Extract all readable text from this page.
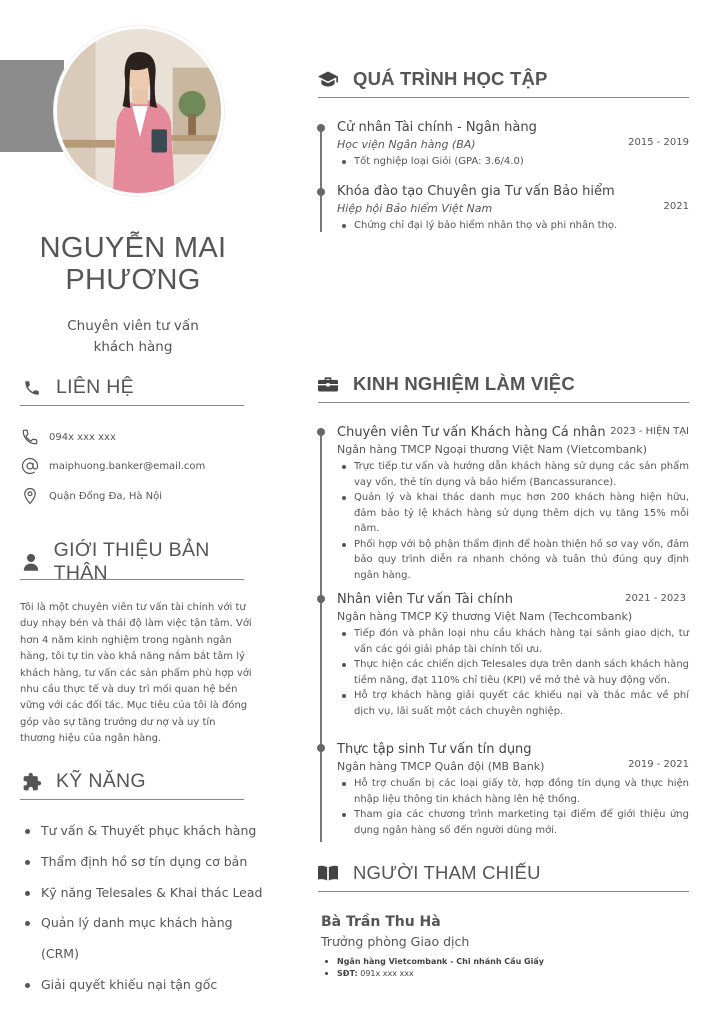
NGUYỄN MAI
PHƯƠNG
Chuyên viên tư vấn
khách hàng
LIÊN HỆ
094x xxx xxx
maiphuong.banker@email.com
Quận Đống Đa, Hà Nội
GIỚI THIỆU BẢN THÂN
Tôi là một chuyên viên tư vấn tài chính với tư duy nhạy bén và thái độ làm việc tận tâm. Với hơn 4 năm kinh nghiệm trong ngành ngân hàng, tôi tự tin vào khả năng nắm bắt tâm lý khách hàng, tư vấn các sản phẩm phù hợp với nhu cầu thực tế và duy trì mối quan hệ bền vững với các đối tác. Mục tiêu của tôi là đóng góp vào sự tăng trưởng dư nợ và uy tín thương hiệu của ngân hàng.
KỸ NĂNG
Tư vấn & Thuyết phục khách hàng
Thẩm định hồ sơ tín dụng cơ bản
Kỹ năng Telesales & Khai thác Lead
Quản lý danh mục khách hàng (CRM)
Giải quyết khiếu nại tận gốc
QUÁ TRÌNH HỌC TẬP
Cử nhân Tài chính - Ngân hàng
Học viện Ngân hàng (BA)	2015 - 2019
Tốt nghiệp loại Giỏi (GPA: 3.6/4.0)
Khóa đào tạo Chuyên gia Tư vấn Bảo hiểm
Hiệp hội Bảo hiểm Việt Nam	2021
Chứng chỉ đại lý bảo hiểm nhân thọ và phi nhân thọ.
KINH NGHIỆM LÀM VIỆC
Chuyên viên Tư vấn Khách hàng Cá nhân 2023 - HIỆN TẠI
Ngân hàng TMCP Ngoại thương Việt Nam (Vietcombank)
Trực tiếp tư vấn và hướng dẫn khách hàng sử dụng các sản phẩm vay vốn, thẻ tín dụng và bảo hiểm (Bancassurance).
Quản lý và khai thác danh mục hơn 200 khách hàng hiện hữu, đảm bảo tỷ lệ khách hàng sử dụng thêm dịch vụ tăng 15% mỗi năm.
Phối hợp với bộ phận thẩm định để hoàn thiện hồ sơ vay vốn, đảm bảo quy trình diễn ra nhanh chóng và tuân thủ đúng quy định ngân hàng.
Nhân viên Tư vấn Tài chính	2021 - 2023
Ngân hàng TMCP Kỹ thương Việt Nam (Techcombank)
Tiếp đón và phân loại nhu cầu khách hàng tại sảnh giao dịch, tư vấn các gói giải pháp tài chính tối ưu.
Thực hiện các chiến dịch Telesales dựa trên danh sách khách hàng tiềm năng, đạt 110% chỉ tiêu (KPI) về mở thẻ và huy động vốn.
Hỗ trợ khách hàng giải quyết các khiếu nại và thắc mắc về phí dịch vụ, lãi suất một cách chuyên nghiệp.
Thực tập sinh Tư vấn tín dụng
2019 - 2021
Ngân hàng TMCP Quân đội (MB Bank)
Hỗ trợ chuẩn bị các loại giấy tờ, hợp đồng tín dụng và thực hiện nhập liệu thông tin khách hàng lên hệ thống.
Tham gia các chương trình marketing tại điểm để giới thiệu ứng dụng ngân hàng số đến người dùng mới.
NGƯỜI THAM CHIẾU
Bà Trần Thu Hà
Trưởng phòng Giao dịch
Ngân hàng Vietcombank - Chi nhánh Cầu Giấy
SĐT: 091x xxx xxx
